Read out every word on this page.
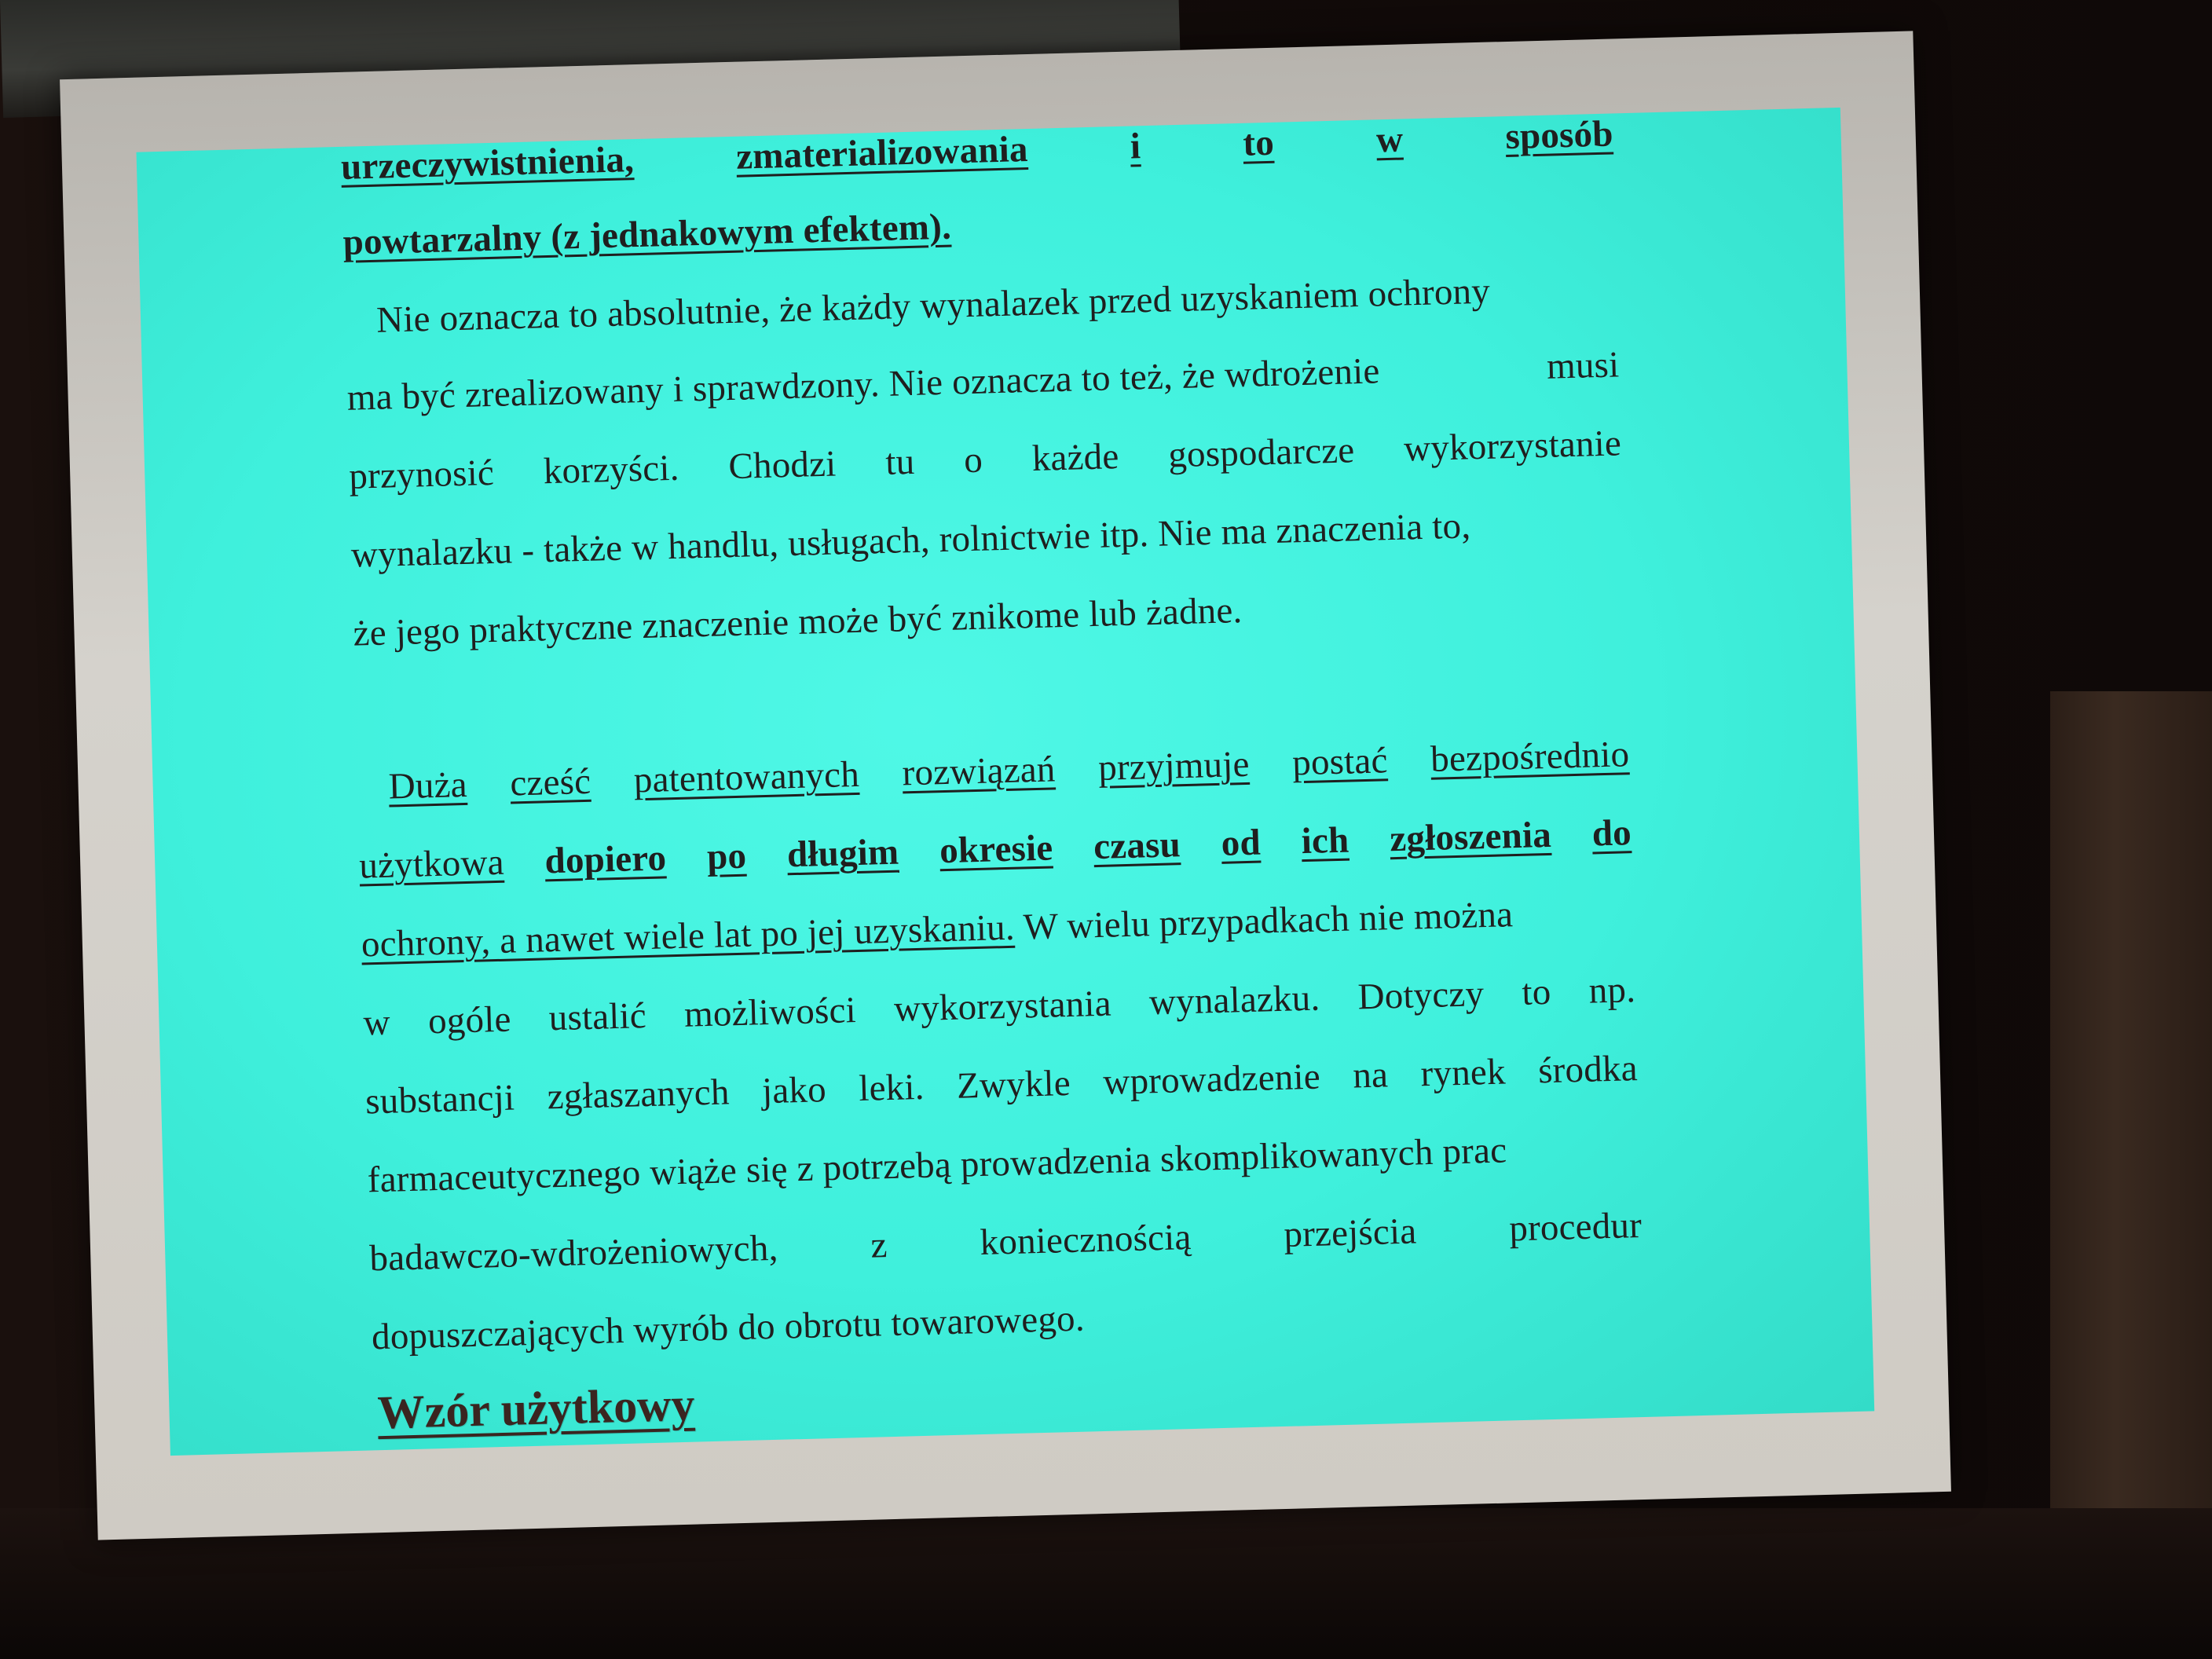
urzeczywistnienia,	zmaterializowania	i	to	w	sposób
powtarzalny (z jednakowym efektem).
Nie oznacza to absolutnie, że każdy wynalazek przed uzyskaniem ochrony
ma być zrealizowany i sprawdzony. Nie oznacza to też, że wdrożenie	musi
przynosić korzyści. Chodzi tu o każde gospodarcze wykorzystanie
wynalazku - także w handlu, usługach, rolnictwie itp. Nie ma znaczenia to,
że jego praktyczne znaczenie może być znikome lub żadne.
Duża cześć patentowanych rozwiązań przyjmuje postać bezpośrednio
użytkowa dopiero po długim okresie czasu od ich zgłoszenia do
ochrony, a nawet wiele lat po jej uzyskaniu. W wielu przypadkach nie można
w ogóle ustalić możliwości wykorzystania wynalazku. Dotyczy to np.
substancji zgłaszanych jako leki. Zwykle wprowadzenie na rynek środka
farmaceutycznego wiąże się z potrzebą prowadzenia skomplikowanych prac
badawczo-wdrożeniowych, z koniecznością przejścia procedur
dopuszczających wyrób do obrotu towarowego.
Wzór użytkowy
